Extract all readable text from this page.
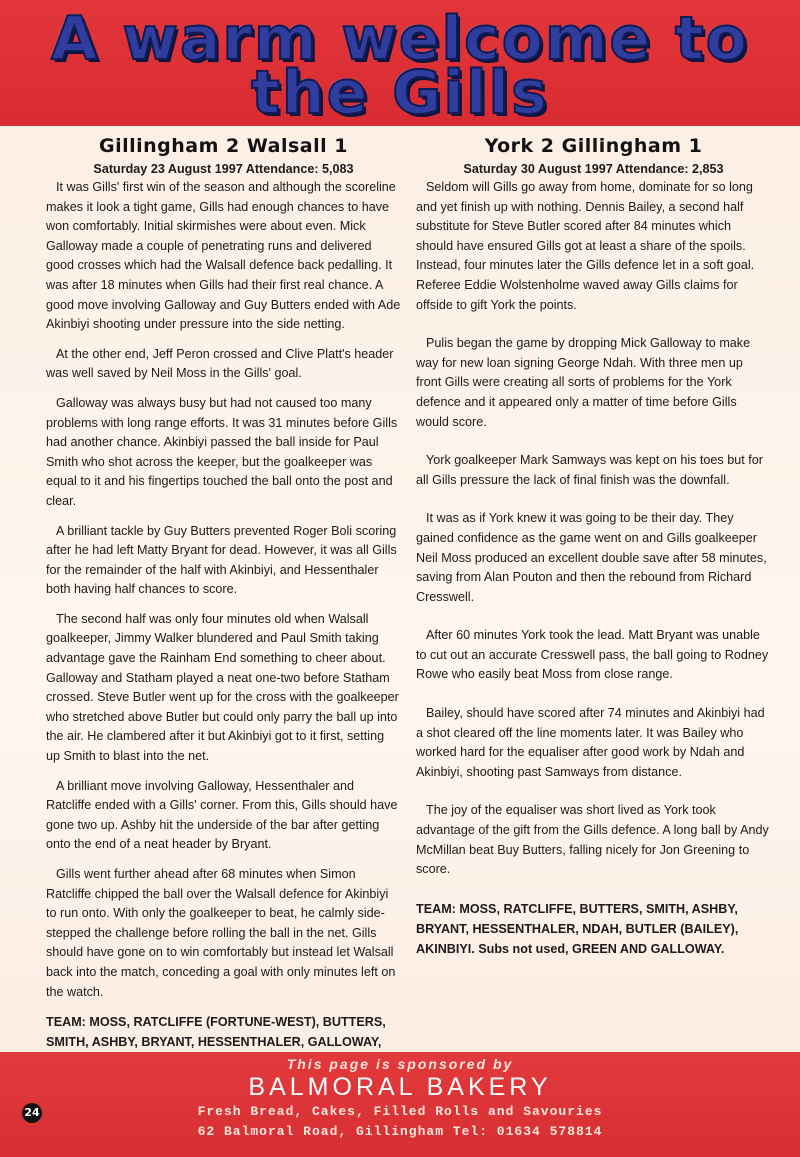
A warm welcome to
the Gills
Gillingham 2 Walsall 1

Saturday 23 August 1997 Attendance: 5,083

It was Gills' first win of the season and although the scoreline makes it look a tight game, Gills had enough chances to have won comfortably. Initial skirmishes were about even. Mick Galloway made a couple of penetrating runs and delivered good crosses which had the Walsall defence back pedalling. It was after 18 minutes when Gills had their first real chance. A good move involving Galloway and Guy Butters ended with Ade Akinbiyi shooting under pressure into the side netting.

At the other end, Jeff Peron crossed and Clive Platt's header was well saved by Neil Moss in the Gills' goal.

Galloway was always busy but had not caused too many problems with long range efforts. It was 31 minutes before Gills had another chance. Akinbiyi passed the ball inside for Paul Smith who shot across the keeper, but the goalkeeper was equal to it and his fingertips touched the ball onto the post and clear.

A brilliant tackle by Guy Butters prevented Roger Boli scoring after he had left Matty Bryant for dead. However, it was all Gills for the remainder of the half with Akinbiyi, and Hessenthaler both having half chances to score.

The second half was only four minutes old when Walsall goalkeeper, Jimmy Walker blundered and Paul Smith taking advantage gave the Rainham End something to cheer about. Galloway and Statham played a neat one-two before Statham crossed. Steve Butler went up for the cross with the goalkeeper who stretched above Butler but could only parry the ball up into the air. He clambered after it but Akinbiyi got to it first, setting up Smith to blast into the net.

A brilliant move involving Galloway, Hessenthaler and Ratcliffe ended with a Gills' corner. From this, Gills should have gone two up. Ashby hit the underside of the bar after getting onto the end of a neat header by Bryant.

Gills went further ahead after 68 minutes when Simon Ratcliffe chipped the ball over the Walsall defence for Akinbiyi to run onto. With only the goalkeeper to beat, he calmly side-stepped the challenge before rolling the ball in the net. Gills should have gone on to win comfortably but instead let Walsall back into the match, conceding a goal with only minutes left on the watch.

TEAM: MOSS, RATCLIFFE (FORTUNE-WEST), BUTTERS, SMITH, ASHBY, BRYANT, HESSENTHALER, GALLOWAY,

York 2 Gillingham 1

Saturday 30 August 1997 Attendance: 2,853

Seldom will Gills go away from home, dominate for so long and yet finish up with nothing. Dennis Bailey, a second half substitute for Steve Butler scored after 84 minutes which should have ensured Gills got at least a share of the spoils. Instead, four minutes later the Gills defence let in a soft goal. Referee Eddie Wolstenholme waved away Gills claims for offside to gift York the points.

Pulis began the game by dropping Mick Galloway to make way for new loan signing George Ndah. With three men up front Gills were creating all sorts of problems for the York defence and it appeared only a matter of time before Gills would score.

York goalkeeper Mark Samways was kept on his toes but for all Gills pressure the lack of final finish was the downfall.

It was as if York knew it was going to be their day. They gained confidence as the game went on and Gills goalkeeper Neil Moss produced an excellent double save after 58 minutes, saving from Alan Pouton and then the rebound from Richard Cresswell.

After 60 minutes York took the lead. Matt Bryant was unable to cut out an accurate Cresswell pass, the ball going to Rodney Rowe who easily beat Moss from close range.

Bailey, should have scored after 74 minutes and Akinbiyi had a shot cleared off the line moments later. It was Bailey who worked hard for the equaliser after good work by Ndah and Akinbiyi, shooting past Samways from distance.

The joy of the equaliser was short lived as York took advantage of the gift from the Gills defence. A long ball by Andy McMillan beat Buy Butters, falling nicely for Jon Greening to score.

TEAM: MOSS, RATCLIFFE, BUTTERS, SMITH, ASHBY, BRYANT, HESSENTHALER, NDAH, BUTLER (BAILEY), AKINBIYI. Subs not used, GREEN AND GALLOWAY.

This page is sponsored by
BALMORAL BAKERY
Fresh Bread, Cakes, Filled Rolls and Savouries
62 Balmoral Road, Gillingham Tel: 01634 578814
24
